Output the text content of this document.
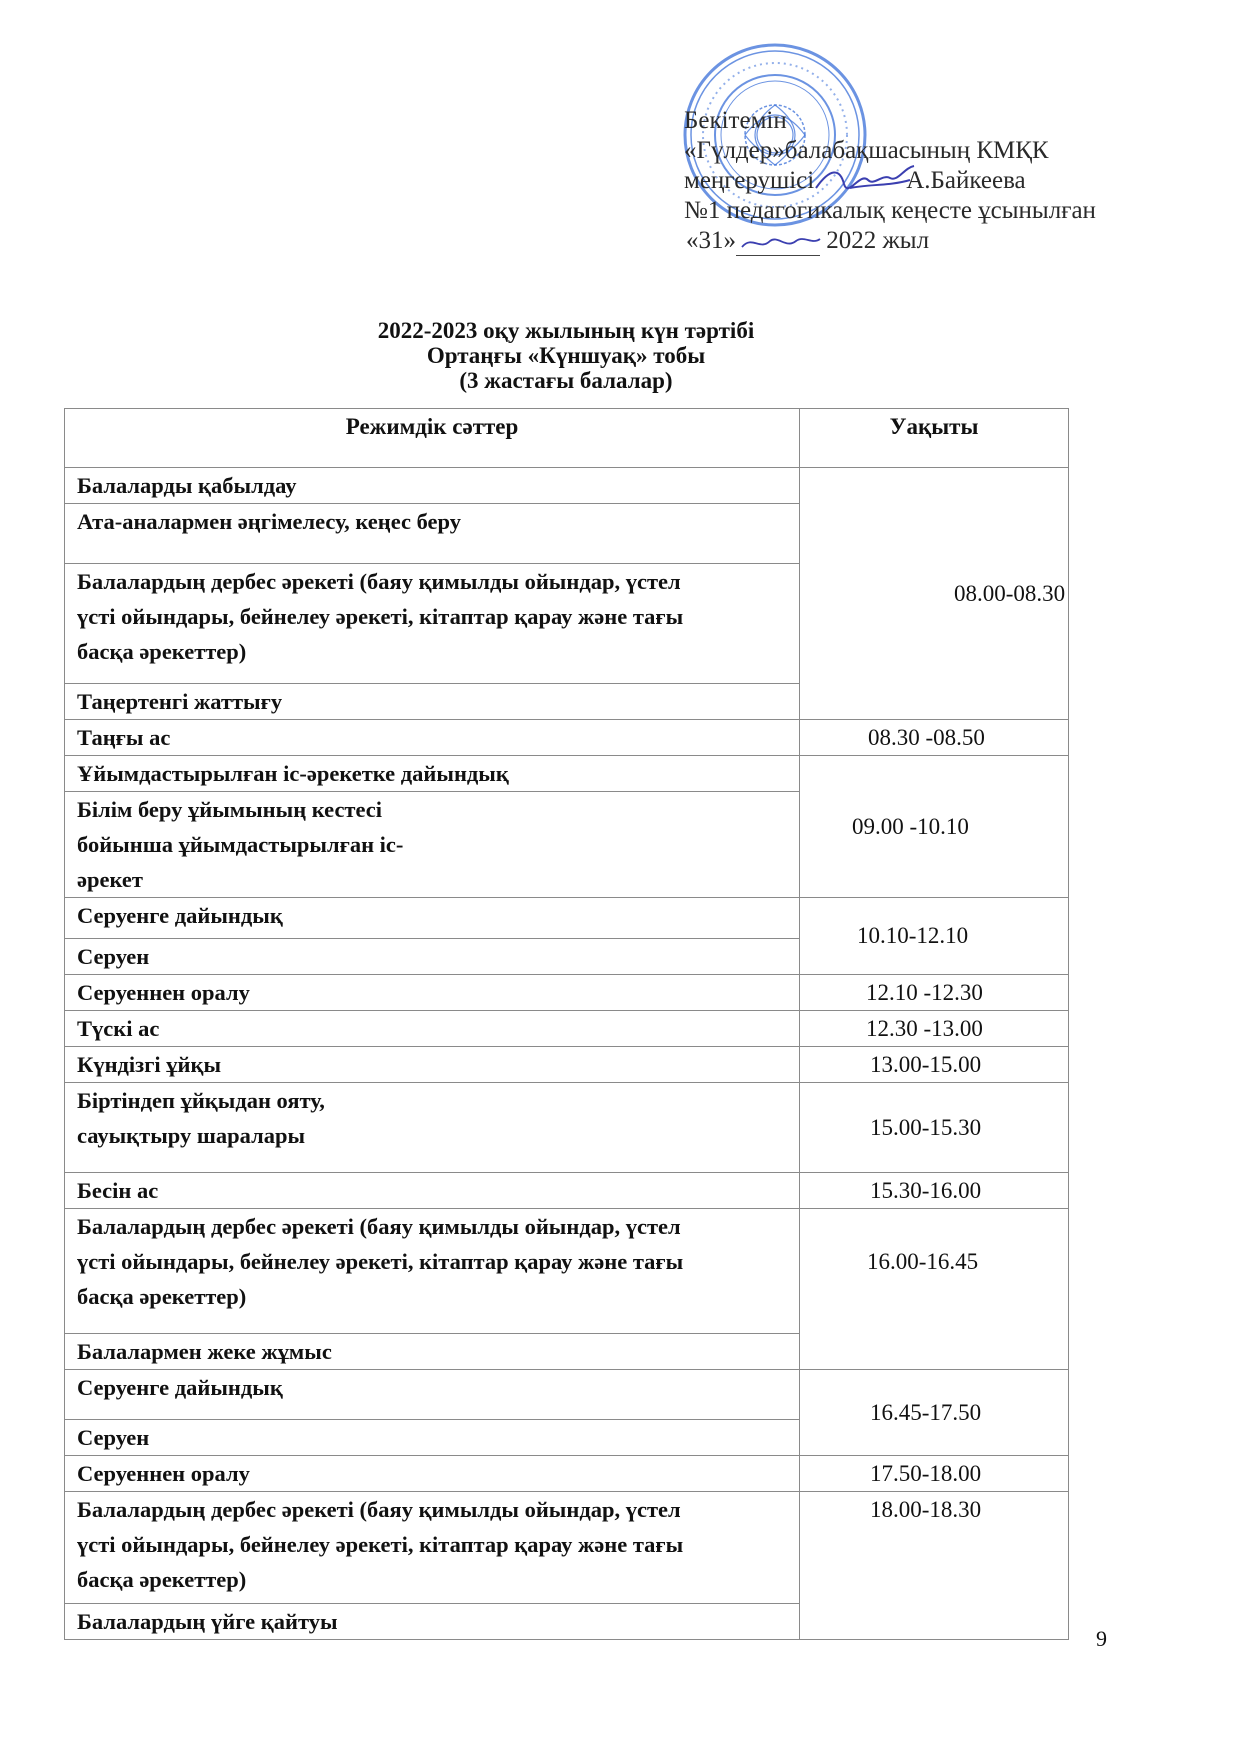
Бекітемін
«Гүлдер»балабақшасының КМҚК
меңгерушісі	А.Байкеева
№1 педагогикалық кеңесте ұсынылған
«31»	2022 жыл
2022-2023 оқу жылының күн тәртібі
Ортаңғы «Күншуақ» тобы
(3 жастағы балалар)
Режимдік сәттер	Уақыты
Балаларды қабылдау	08.00-08.30

Ата-аналармен әңгімелесу, кеңес беру	

Балалардың дербес әрекеті (баяу қимылды ойындар, үстел үсті ойындары, бейнелеу әрекеті, кітаптар қарау және тағы басқа әрекеттер)	

Таңертенгі жаттығу	
Таңғы ас	08.30 -08.50

Ұйымдастырылған іс-әрекетке дайындық	09.00 -10.10

Білім беру ұйымының кестесі бойынша ұйымдастырылған іс-әрекет	

Серуенге дайындық	10.10-12.10

Серуен	
Серуеннен оралу	12.10 -12.30

Түскі ас	12.30 -13.00

Күндізгі ұйқы	13.00-15.00

Біртіндеп ұйқыдан ояту, сауықтыру шаралары	15.00-15.30

Бесін ас	15.30-16.00

Балалардың дербес әрекеті (баяу қимылды ойындар, үстел үсті ойындары, бейнелеу әрекеті, кітаптар қарау және тағы басқа әрекеттер)	16.00-16.45

Балалармен жеке жұмыс	
Серуенге дайындық	16.45-17.50

Серуен	
Серуеннен оралу	17.50-18.00

Балалардың дербес әрекеті (баяу қимылды ойындар, үстел үсті ойындары, бейнелеу әрекеті, кітаптар қарау және тағы басқа әрекеттер)	18.00-18.30

Балалардың үйге қайтуы	
9
